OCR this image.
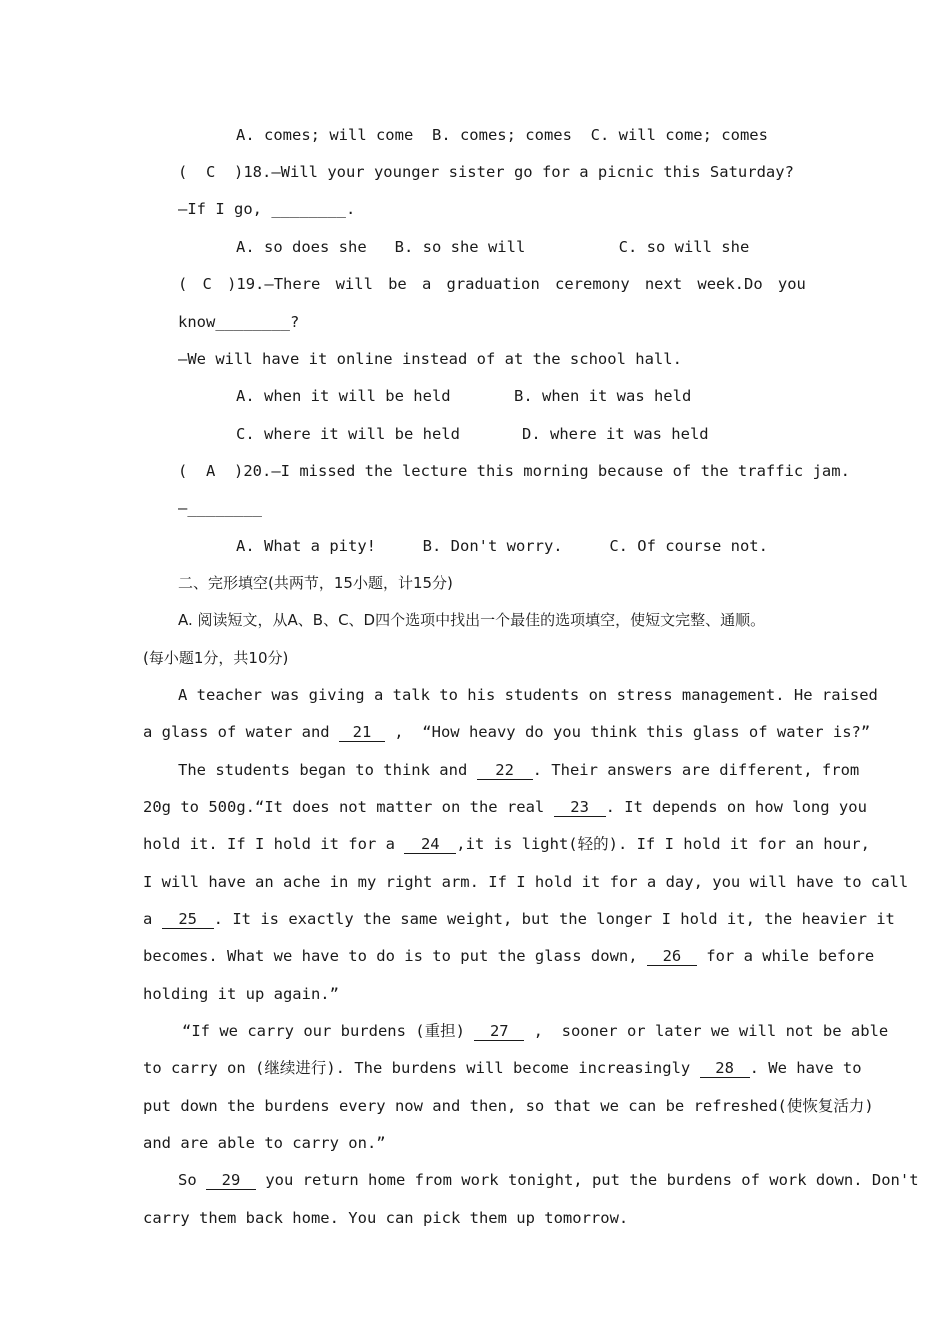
A. comes; will come B. comes; comes C. will come; comes
(  C  )18.—Will your younger sister go for a picnic this Saturday?
—If I go, ________.
A. so does she B. so she will	C. so will she
( C )19.—There will be a graduation ceremony next week.Do you
know________?
—We will have it online instead of at the school hall.
A. when it will be held	B. when it was held
C. where it will be held	D. where it was held
(  A  )20.—I missed the lecture this morning because of the traffic jam.
—________
A. What a pity!	B. Don't worry.	C. Of course not.
二、完形填空(共两节，15小题，计15分)
A. 阅读短文，从A、B、C、D四个选项中找出一个最佳的选项填空，使短文完整、通顺。
(每小题1分，共10分)
A teacher was giving a talk to his students on stress management. He raised
a glass of water and 21 ,  “How heavy do you think this glass of water is?”
The students began to think and 22 . Their answers are different, from
20g to 500g.“It does not matter on the real 23 . It depends on how long you
hold it. If I hold it for a 24 ,it is light(轻的). If I hold it for an hour,
I will have an ache in my right arm. If I hold it for a day, you will have to call
a 25 . It is exactly the same weight, but the longer I hold it, the heavier it
becomes. What we have to do is to put the glass down, 26 for a while before
holding it up again.”
“If we carry our burdens (重担) 27 ,  sooner or later we will not be able
to carry on (继续进行). The burdens will become increasingly 28 . We have to
put down the burdens every now and then, so that we can be refreshed(使恢复活力)
and are able to carry on.”
So 29 you return home from work tonight, put the burdens of work down. Don't
carry them back home. You can pick them up tomorrow.
